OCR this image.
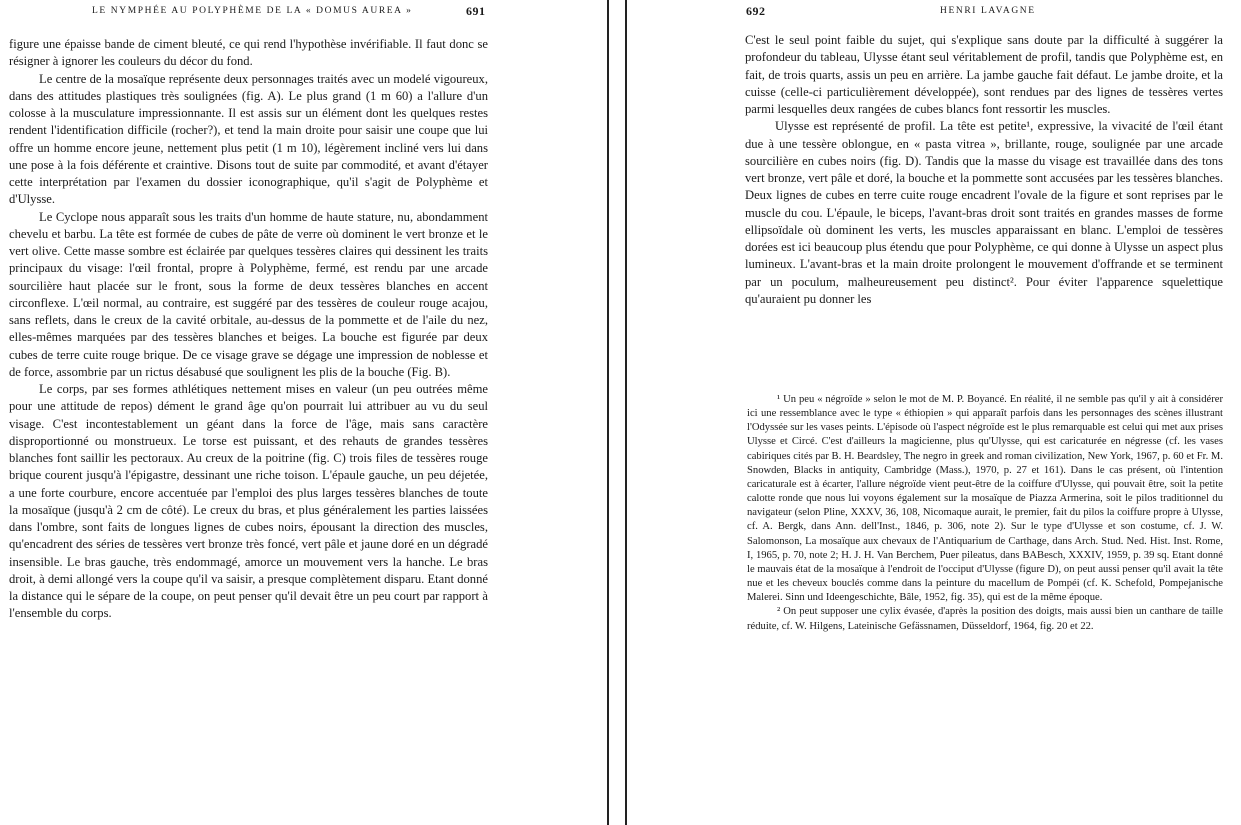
LE NYMPHÉE AU POLYPHÈME DE LA « DOMUS AUREA »	691

figure une épaisse bande de ciment bleuté, ce qui rend l'hypothèse invérifiable. Il faut donc se résigner à ignorer les couleurs du décor du fond.

Le centre de la mosaïque représente deux personnages traités avec un modelé vigoureux, dans des attitudes plastiques très soulignées (fig. A). Le plus grand (1 m 60) a l'allure d'un colosse à la musculature impressionnante. Il est assis sur un élément dont les quelques restes rendent l'identification difficile (rocher?), et tend la main droite pour saisir une coupe que lui offre un homme encore jeune, nettement plus petit (1 m 10), légèrement incliné vers lui dans une pose à la fois déférente et craintive. Disons tout de suite par commodité, et avant d'étayer cette interprétation par l'examen du dossier iconographique, qu'il s'agit de Polyphème et d'Ulysse.

Le Cyclope nous apparaît sous les traits d'un homme de haute stature, nu, abondamment chevelu et barbu. La tête est formée de cubes de pâte de verre où dominent le vert bronze et le vert olive. Cette masse sombre est éclairée par quelques tessères claires qui dessinent les traits principaux du visage: l'œil frontal, propre à Polyphème, fermé, est rendu par une arcade sourcilière haut placée sur le front, sous la forme de deux tessères blanches en accent circonflexe. L'œil normal, au contraire, est suggéré par des tessères de couleur rouge acajou, sans reflets, dans le creux de la cavité orbitale, au-dessus de la pommette et de l'aile du nez, elles-mêmes marquées par des tessères blanches et beiges. La bouche est figurée par deux cubes de terre cuite rouge brique. De ce visage grave se dégage une impression de noblesse et de force, assombrie par un rictus désabusé que soulignent les plis de la bouche (Fig. B).

Le corps, par ses formes athlétiques nettement mises en valeur (un peu outrées même pour une attitude de repos) dément le grand âge qu'on pourrait lui attribuer au vu du seul visage. C'est incontestablement un géant dans la force de l'âge, mais sans caractère disproportionné ou monstrueux. Le torse est puissant, et des rehauts de grandes tessères blanches font saillir les pectoraux. Au creux de la poitrine (fig. C) trois files de tessères rouge brique courent jusqu'à l'épigastre, dessinant une riche toison. L'épaule gauche, un peu déjetée, a une forte courbure, encore accentuée par l'emploi des plus larges tessères blanches de toute la mosaïque (jusqu'à 2 cm de côté). Le creux du bras, et plus généralement les parties laissées dans l'ombre, sont faits de longues lignes de cubes noirs, épousant la direction des muscles, qu'encadrent des séries de tessères vert bronze très foncé, vert pâle et jaune doré en un dégradé insensible. Le bras gauche, très endommagé, amorce un mouvement vers la hanche. Le bras droit, à demi allongé vers la coupe qu'il va saisir, a presque complètement disparu. Etant donné la distance qui le sépare de la coupe, on peut penser qu'il devait être un peu court par rapport à l'ensemble du corps.

692	HENRI LAVAGNE

C'est le seul point faible du sujet, qui s'explique sans doute par la difficulté à suggérer la profondeur du tableau, Ulysse étant seul véritablement de profil, tandis que Polyphème est, en fait, de trois quarts, assis un peu en arrière. La jambe gauche fait défaut. Le jambe droite, et la cuisse (celle-ci particulièrement développée), sont rendues par des lignes de tessères vertes parmi lesquelles deux rangées de cubes blancs font ressortir les muscles.

Ulysse est représenté de profil. La tête est petite¹, expressive, la vivacité de l'œil étant due à une tessère oblongue, en « pasta vitrea », brillante, rouge, soulignée par une arcade sourcilière en cubes noirs (fig. D). Tandis que la masse du visage est travaillée dans des tons vert bronze, vert pâle et doré, la bouche et la pommette sont accusées par les tessères blanches. Deux lignes de cubes en terre cuite rouge encadrent l'ovale de la figure et sont reprises par le muscle du cou. L'épaule, le biceps, l'avant-bras droit sont traités en grandes masses de forme ellipsoïdale où dominent les verts, les muscles apparaissant en blanc. L'emploi de tessères dorées est ici beaucoup plus étendu que pour Polyphème, ce qui donne à Ulysse un aspect plus lumineux. L'avant-bras et la main droite prolongent le mouvement d'offrande et se terminent par un poculum, malheureusement peu distinct². Pour éviter l'apparence squelettique qu'auraient pu donner les

¹ Un peu « négroïde » selon le mot de M. P. Boyancé. En réalité, il ne semble pas qu'il y ait à considérer ici une ressemblance avec le type « éthiopien » qui apparaît parfois dans les personnages des scènes illustrant l'Odyssée sur les vases peints. L'épisode où l'aspect négroïde est le plus remarquable est celui qui met aux prises Ulysse et Circé. C'est d'ailleurs la magicienne, plus qu'Ulysse, qui est caricaturée en négresse (cf. les vases cabiriques cités par B. H. Beardsley, The negro in greek and roman civilization, New York, 1967, p. 60 et Fr. M. Snowden, Blacks in antiquity, Cambridge (Mass.), 1970, p. 27 et 161). Dans le cas présent, où l'intention caricaturale est à écarter, l'allure négroïde vient peut-être de la coiffure d'Ulysse, qui pouvait être, soit la petite calotte ronde que nous lui voyons également sur la mosaïque de Piazza Armerina, soit le pilos traditionnel du navigateur (selon Pline, XXXV, 36, 108, Nicomaque aurait, le premier, fait du pilos la coiffure propre à Ulysse, cf. A. Bergk, dans Ann. dell'Inst., 1846, p. 306, note 2). Sur le type d'Ulysse et son costume, cf. J. W. Salomonson, La mosaïque aux chevaux de l'Antiquarium de Carthage, dans Arch. Stud. Ned. Hist. Inst. Rome, I, 1965, p. 70, note 2; H. J. H. Van Berchem, Puer pileatus, dans BABesch, XXXIV, 1959, p. 39 sq. Etant donné le mauvais état de la mosaïque à l'endroit de l'occiput d'Ulysse (figure D), on peut aussi penser qu'il avait la tête nue et les cheveux bouclés comme dans la peinture du macellum de Pompéi (cf. K. Schefold, Pompejanische Malerei. Sinn und Ideengeschichte, Bâle, 1952, fig. 35), qui est de la même époque.

² On peut supposer une cylix évasée, d'après la position des doigts, mais aussi bien un canthare de taille réduite, cf. W. Hilgens, Lateinische Gefässnamen, Düsseldorf, 1964, fig. 20 et 22.
